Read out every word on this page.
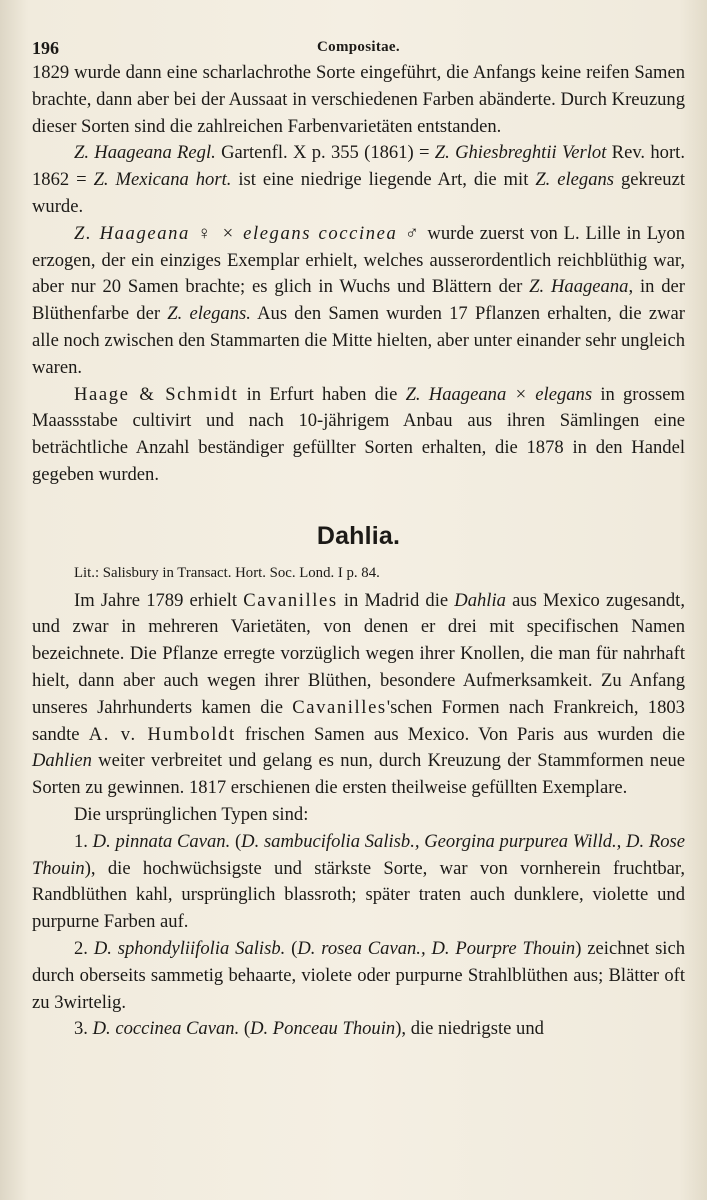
196	Compositae.

1829 wurde dann eine scharlachrothe Sorte eingeführt, die Anfangs keine reifen Samen brachte, dann aber bei der Aussaat in verschiedenen Farben abänderte. Durch Kreuzung dieser Sorten sind die zahlreichen Farbenvarietäten entstanden.

Z. Haageana Regl. Gartenfl. X p. 355 (1861) = Z. Ghiesbreghtii Verlot Rev. hort. 1862 = Z. Mexicana hort. ist eine niedrige liegende Art, die mit Z. elegans gekreuzt wurde.

Z. Haageana ♀ × elegans coccinea ♂ wurde zuerst von L. Lille in Lyon erzogen, der ein einziges Exemplar erhielt, welches ausserordentlich reichblüthig war, aber nur 20 Samen brachte; es glich in Wuchs und Blättern der Z. Haageana, in der Blüthenfarbe der Z. elegans. Aus den Samen wurden 17 Pflanzen erhalten, die zwar alle noch zwischen den Stammarten die Mitte hielten, aber unter einander sehr ungleich waren.

Haage & Schmidt in Erfurt haben die Z. Haageana × elegans in grossem Maassstabe cultivirt und nach 10-jährigem Anbau aus ihren Sämlingen eine beträchtliche Anzahl beständiger gefüllter Sorten erhalten, die 1878 in den Handel gegeben wurden.

Dahlia.

Lit.: Salisbury in Transact. Hort. Soc. Lond. I p. 84.

Im Jahre 1789 erhielt Cavanilles in Madrid die Dahlia aus Mexico zugesandt, und zwar in mehreren Varietäten, von denen er drei mit specifischen Namen bezeichnete. Die Pflanze erregte vorzüglich wegen ihrer Knollen, die man für nahrhaft hielt, dann aber auch wegen ihrer Blüthen, besondere Aufmerksamkeit. Zu Anfang unseres Jahrhunderts kamen die Cavanilles'schen Formen nach Frankreich, 1803 sandte A. v. Humboldt frischen Samen aus Mexico. Von Paris aus wurden die Dahlien weiter verbreitet und gelang es nun, durch Kreuzung der Stammformen neue Sorten zu gewinnen. 1817 erschienen die ersten theilweise gefüllten Exemplare.

Die ursprünglichen Typen sind:

1. D. pinnata Cavan. (D. sambucifolia Salisb., Georgina purpurea Willd., D. Rose Thouin), die hochwüchsigste und stärkste Sorte, war von vornherein fruchtbar, Randblüthen kahl, ursprünglich blassroth; später traten auch dunklere, violette und purpurne Farben auf.

2. D. sphondyliifolia Salisb. (D. rosea Cavan., D. Pourpre Thouin) zeichnet sich durch oberseits sammetig behaarte, violete oder purpurne Strahlblüthen aus; Blätter oft zu 3wirtelig.

3. D. coccinea Cavan. (D. Ponceau Thouin), die niedrigste und
